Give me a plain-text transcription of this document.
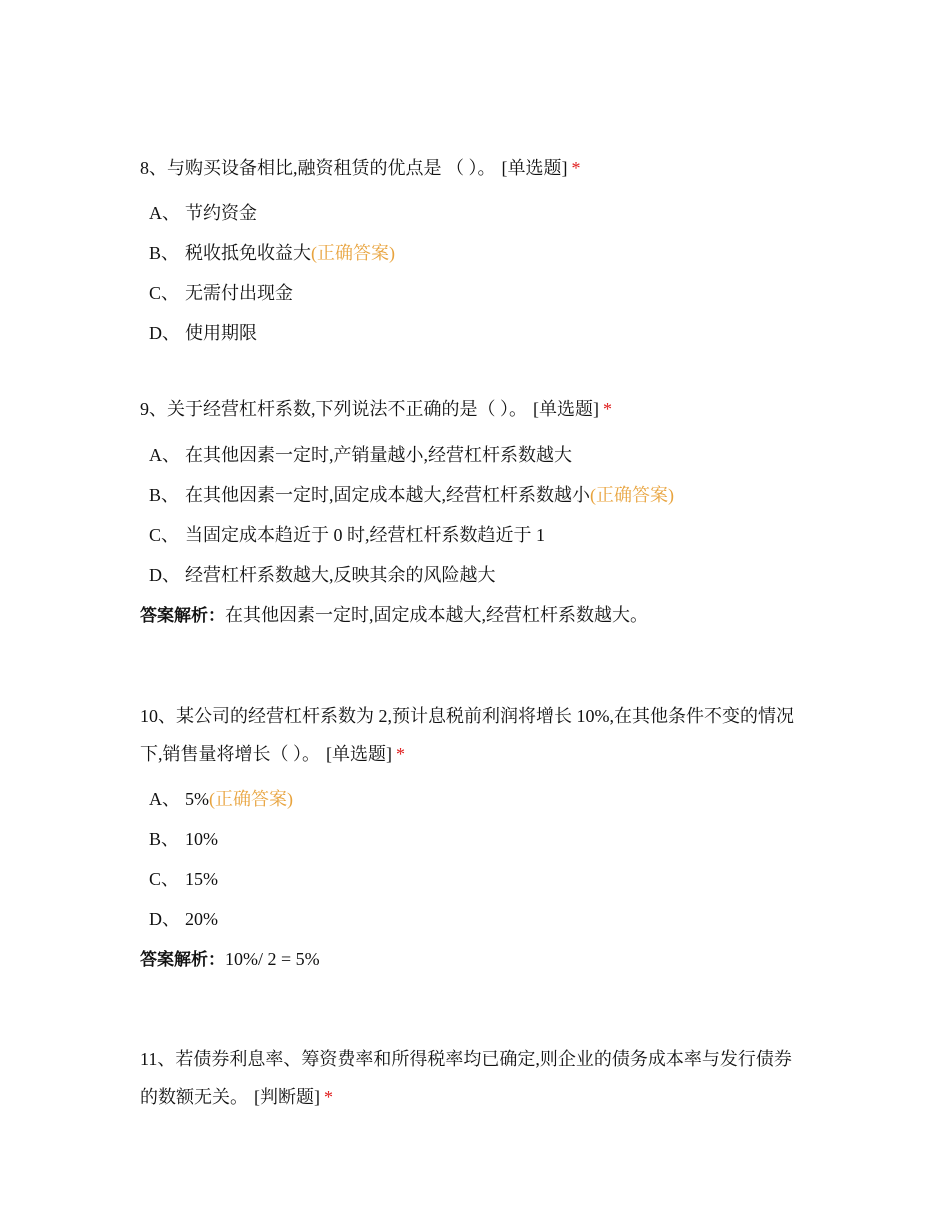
8、与购买设备相比,融资租赁的优点是 （ ）。 [单选题] *

A、 节约资金
B、 税收抵免收益大(正确答案)
C、 无需付出现金
D、 使用期限

9、关于经营杠杆系数,下列说法不正确的是（ ）。 [单选题] *

A、 在其他因素一定时,产销量越小,经营杠杆系数越大
B、 在其他因素一定时,固定成本越大,经营杠杆系数越小(正确答案)
C、 当固定成本趋近于 0 时,经营杠杆系数趋近于 1
D、 经营杠杆系数越大,反映其余的风险越大
答案解析：在其他因素一定时,固定成本越大,经营杠杆系数越大。

10、某公司的经营杠杆系数为 2,预计息税前利润将增长 10%,在其他条件不变的情况下,销售量将增长（ ）。 [单选题] *

A、 5%(正确答案)
B、 10%
C、 15%
D、 20%
答案解析：10%/ 2 = 5%

11、若债券利息率、筹资费率和所得税率均已确定,则企业的债务成本率与发行债券的数额无关。 [判断题] *
